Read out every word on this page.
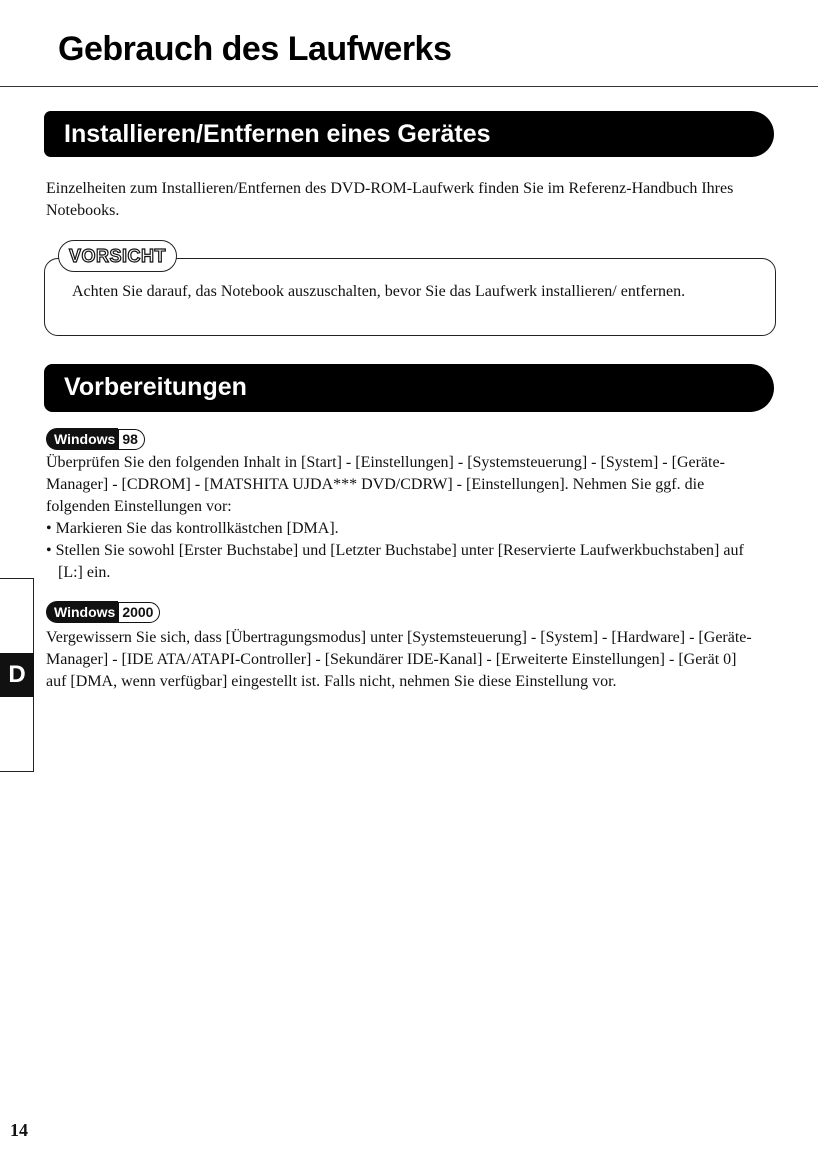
Gebrauch des Laufwerks
Installieren/Entfernen eines Gerätes
Einzelheiten zum Installieren/Entfernen des DVD-ROM-Laufwerk finden Sie im Referenz-Handbuch Ihres Notebooks.
VORSICHT
Achten Sie darauf, das Notebook auszuschalten, bevor Sie das Laufwerk installieren/ entfernen.
Vorbereitungen
Windows 98
Überprüfen Sie den folgenden Inhalt in [Start] - [Einstellungen] - [Systemsteuerung] - [System] - [Geräte-Manager] - [CDROM] - [MATSHITA UJDA*** DVD/CDRW] - [Einstellungen]. Nehmen Sie ggf. die folgenden Einstellungen vor:
• Markieren Sie das kontrollkästchen [DMA].
• Stellen Sie sowohl [Erster Buchstabe] und [Letzter Buchstabe] unter [Reservierte Laufwerkbuchstaben] auf [L:] ein.
Windows 2000
Vergewissern Sie sich, dass [Übertragungsmodus] unter [Systemsteuerung] - [System] - [Hardware] - [Geräte-Manager] - [IDE ATA/ATAPI-Controller] - [Sekundärer IDE-Kanal] - [Erweiterte Einstellungen] - [Gerät 0] auf [DMA, wenn verfügbar] eingestellt ist. Falls nicht, nehmen Sie diese Einstellung vor.
D
14
